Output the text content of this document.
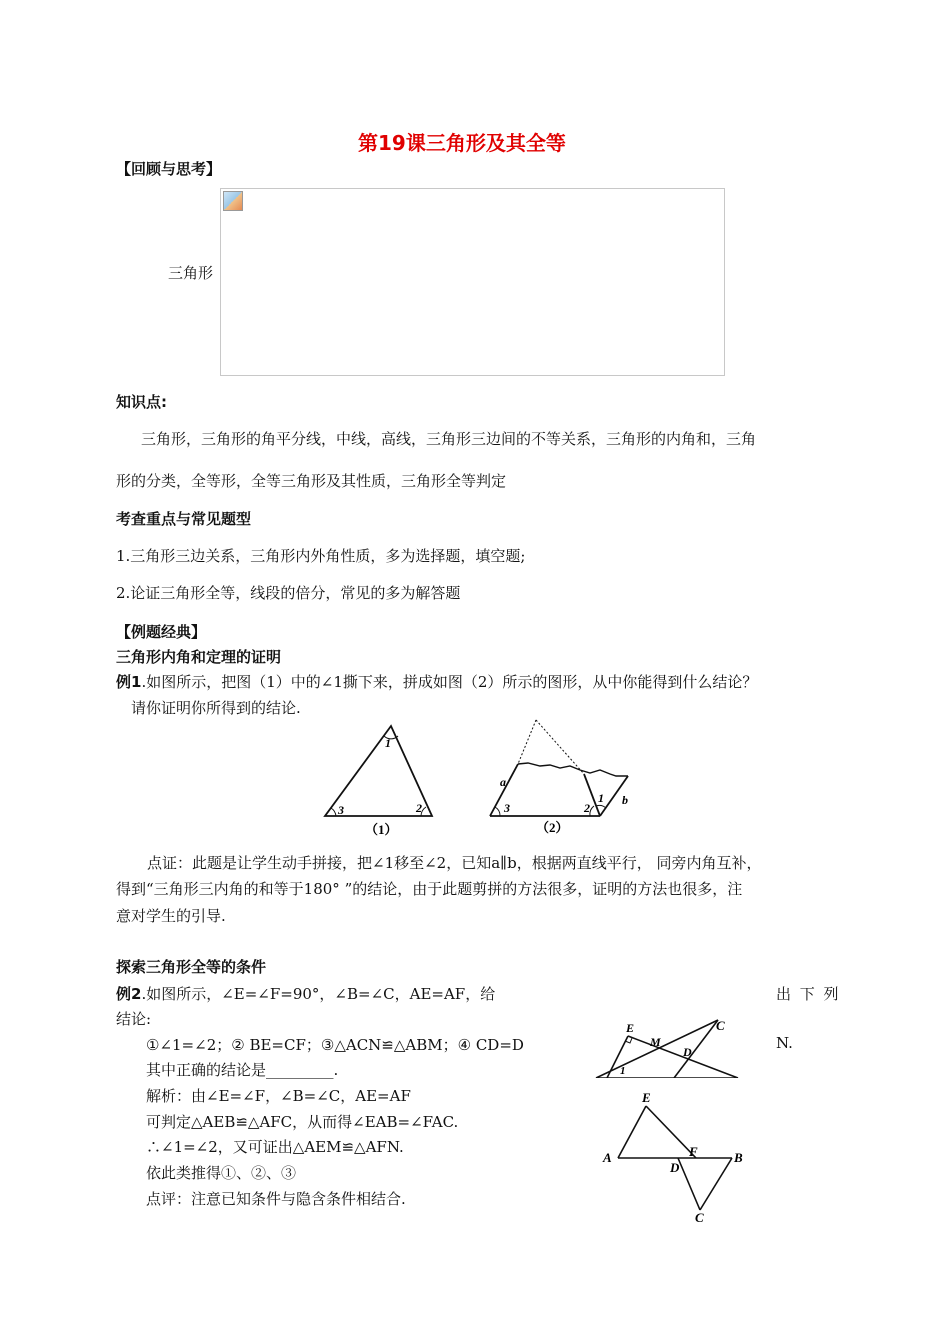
第19课三角形及其全等
【回顾与思考】
三角形
知识点:
三角形，三角形的角平分线，中线，高线，三角形三边间的不等关系，三角形的内角和，三角
形的分类，全等形，全等三角形及其性质，三角形全等判定
考查重点与常见题型
1.三角形三边关系，三角形内外角性质，多为选择题，填空题;
2.论证三角形全等，线段的倍分，常见的多为解答题
【例题经典】
三角形内角和定理的证明
例1.如图所示，把图（1）中的∠1撕下来，拼成如图（2）所示的图形，从中你能得到什么结论？
请你证明你所得到的结论.
1
2
3
（1）
a
b
1
2
3
（2）
点证：此题是让学生动手拼接，把∠1移至∠2，已知a∥b，根据两直线平行， 同旁内角互补，
得到“三角形三内角的和等于180° ”的结论，由于此题剪拼的方法很多，证明的方法也很多，注
意对学生的引导.
探索三角形全等的条件
例2.如图所示，∠E=∠F=90°，∠B=∠C，AE=AF，给	出 下 列
结论:
①∠1=∠2；② BE=CF；③△ACN≌△ABM；④ CD=D	N.
其中正确的结论是_________.
解析：由∠E=∠F，∠B=∠C，AE=AF
可判定△AEB≌△AFC，从而得∠EAB=∠FAC.
∴∠1=∠2，又可证出△AEM≌△AFN.
依此类推得①、②、③
点评：注意已知条件与隐含条件相结合.
C
E
M
D
1
E
A
D
F	B
C
